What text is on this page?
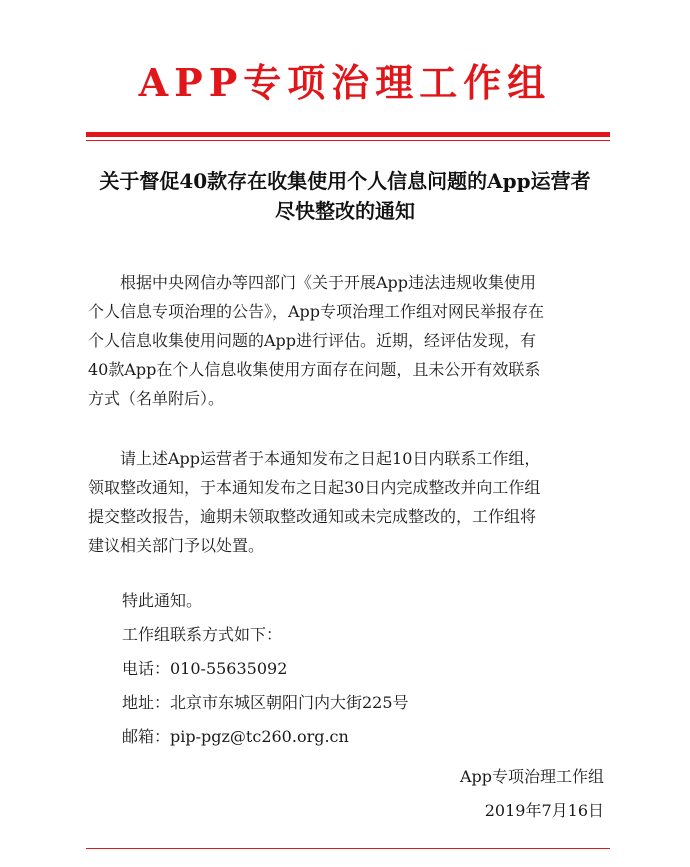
APP专项治理工作组
关于督促40款存在收集使用个人信息问题的App运营者
尽快整改的通知
　　根据中央网信办等四部门《关于开展App违法违规收集使用
个人信息专项治理的公告》，App专项治理工作组对网民举报存在
个人信息收集使用问题的App进行评估。近期，经评估发现，有
40款App在个人信息收集使用方面存在问题，且未公开有效联系
方式（名单附后）。
　　请上述App运营者于本通知发布之日起10日内联系工作组，
领取整改通知，于本通知发布之日起30日内完成整改并向工作组
提交整改报告，逾期未领取整改通知或未完成整改的，工作组将
建议相关部门予以处置。
特此通知。
工作组联系方式如下：
电话：010-55635092
地址：北京市东城区朝阳门内大街225号
邮箱：pip-pgz@tc260.org.cn
App专项治理工作组
2019年7月16日
